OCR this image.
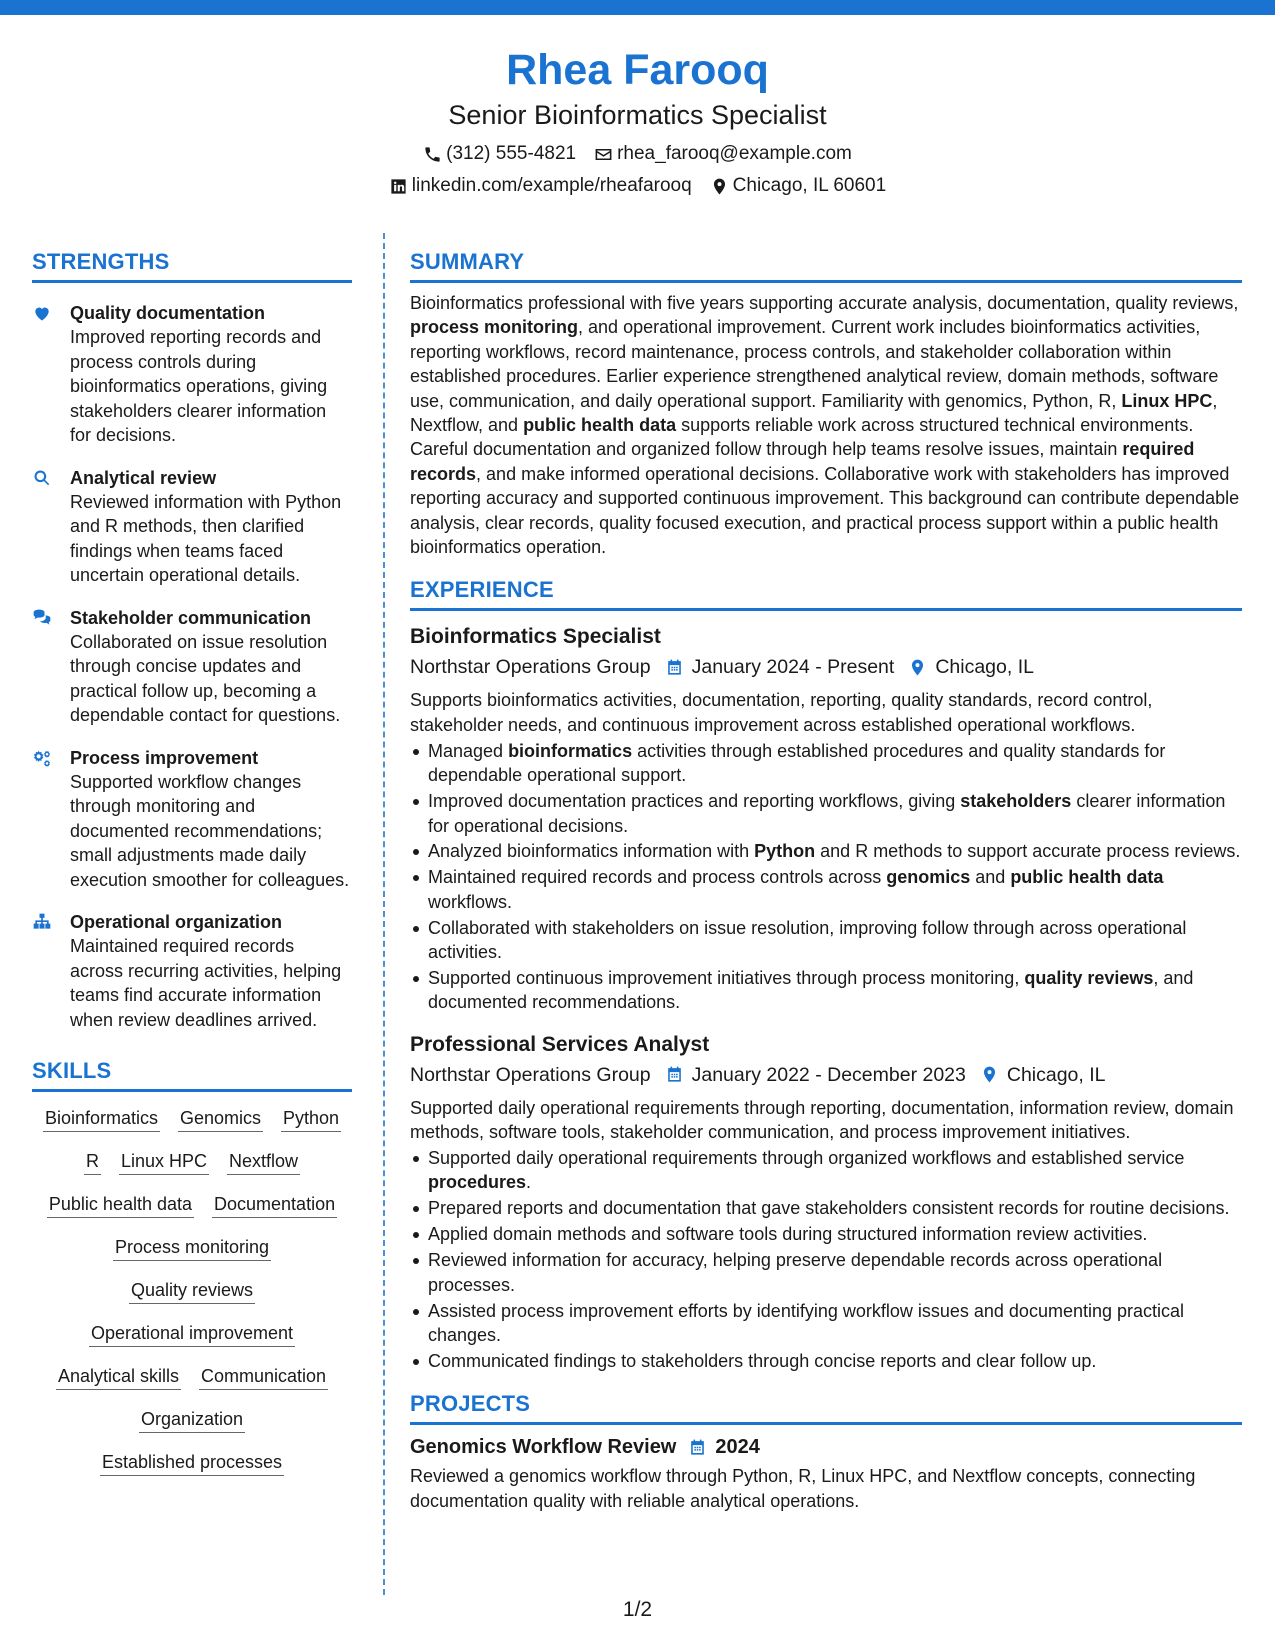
Rhea Farooq
Senior Bioinformatics Specialist
(312) 555-4821 rhea_farooq@example.com
linkedin.com/example/rheafarooq Chicago, IL 60601
STRENGTHS
Quality documentation
Improved reporting records and process controls during bioinformatics operations, giving stakeholders clearer information for decisions.
Analytical review
Reviewed information with Python and R methods, then clarified findings when teams faced uncertain operational details.
Stakeholder communication
Collaborated on issue resolution through concise updates and practical follow up, becoming a dependable contact for questions.
Process improvement
Supported workflow changes through monitoring and documented recommendations; small adjustments made daily execution smoother for colleagues.
Operational organization
Maintained required records across recurring activities, helping teams find accurate information when review deadlines arrived.
SKILLS
Bioinformatics Genomics Python
R Linux HPC Nextflow
Public health data Documentation
Process monitoring
Quality reviews
Operational improvement
Analytical skills Communication
Organization
Established processes
SUMMARY
Bioinformatics professional with five years supporting accurate analysis, documentation, quality reviews, process monitoring, and operational improvement. Current work includes bioinformatics activities, reporting workflows, record maintenance, process controls, and stakeholder collaboration within established procedures. Earlier experience strengthened analytical review, domain methods, software use, communication, and daily operational support. Familiarity with genomics, Python, R, Linux HPC, Nextflow, and public health data supports reliable work across structured technical environments. Careful documentation and organized follow through help teams resolve issues, maintain required records, and make informed operational decisions. Collaborative work with stakeholders has improved reporting accuracy and supported continuous improvement. This background can contribute dependable analysis, clear records, quality focused execution, and practical process support within a public health bioinformatics operation.
EXPERIENCE
Bioinformatics Specialist
Northstar Operations Group January 2024 - Present Chicago, IL
Supports bioinformatics activities, documentation, reporting, quality standards, record control, stakeholder needs, and continuous improvement across established operational workflows.
Managed bioinformatics activities through established procedures and quality standards for dependable operational support.
Improved documentation practices and reporting workflows, giving stakeholders clearer information for operational decisions.
Analyzed bioinformatics information with Python and R methods to support accurate process reviews.
Maintained required records and process controls across genomics and public health data workflows.
Collaborated with stakeholders on issue resolution, improving follow through across operational activities.
Supported continuous improvement initiatives through process monitoring, quality reviews, and documented recommendations.
Professional Services Analyst
Northstar Operations Group January 2022 - December 2023 Chicago, IL
Supported daily operational requirements through reporting, documentation, information review, domain methods, software tools, stakeholder communication, and process improvement initiatives.
Supported daily operational requirements through organized workflows and established service procedures.
Prepared reports and documentation that gave stakeholders consistent records for routine decisions.
Applied domain methods and software tools during structured information review activities.
Reviewed information for accuracy, helping preserve dependable records across operational processes.
Assisted process improvement efforts by identifying workflow issues and documenting practical changes.
Communicated findings to stakeholders through concise reports and clear follow up.
PROJECTS
Genomics Workflow Review 2024
Reviewed a genomics workflow through Python, R, Linux HPC, and Nextflow concepts, connecting documentation quality with reliable analytical operations.
1/2
